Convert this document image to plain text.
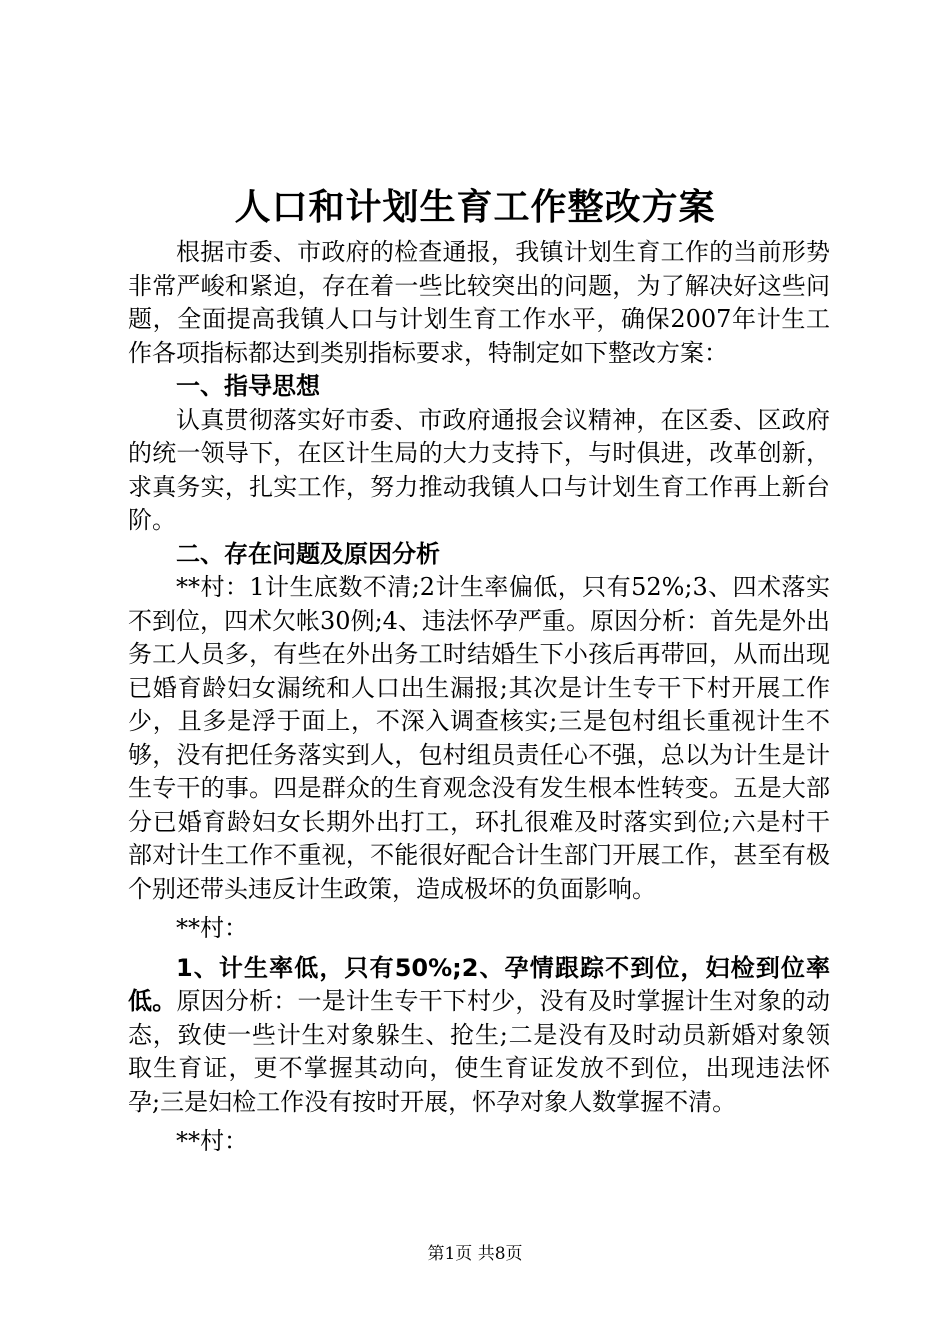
人口和计划生育工作整改方案

根据市委、市政府的检查通报，我镇计划生育工作的当前形势非常严峻和紧迫，存在着一些比较突出的问题，为了解决好这些问题，全面提高我镇人口与计划生育工作水平，确保2007年计生工作各项指标都达到类别指标要求，特制定如下整改方案：

一、指导思想

认真贯彻落实好市委、市政府通报会议精神，在区委、区政府的统一领导下，在区计生局的大力支持下，与时俱进，改革创新，求真务实，扎实工作，努力推动我镇人口与计划生育工作再上新台阶。

二、存在问题及原因分析

**村：1计生底数不清;2计生率偏低，只有52%;3、四术落实不到位，四术欠帐30例;4、违法怀孕严重。原因分析：首先是外出务工人员多，有些在外出务工时结婚生下小孩后再带回，从而出现已婚育龄妇女漏统和人口出生漏报;其次是计生专干下村开展工作少，且多是浮于面上，不深入调查核实;三是包村组长重视计生不够，没有把任务落实到人，包村组员责任心不强，总以为计生是计生专干的事。四是群众的生育观念没有发生根本性转变。五是大部分已婚育龄妇女长期外出打工，环扎很难及时落实到位;六是村干部对计生工作不重视，不能很好配合计生部门开展工作，甚至有极个别还带头违反计生政策，造成极坏的负面影响。

**村：

1、计生率低，只有50%;2、孕情跟踪不到位，妇检到位率低。原因分析：一是计生专干下村少，没有及时掌握计生对象的动态，致使一些计生对象躲生、抢生;二是没有及时动员新婚对象领取生育证，更不掌握其动向，使生育证发放不到位，出现违法怀孕;三是妇检工作没有按时开展，怀孕对象人数掌握不清。

**村：

第1页 共8页
